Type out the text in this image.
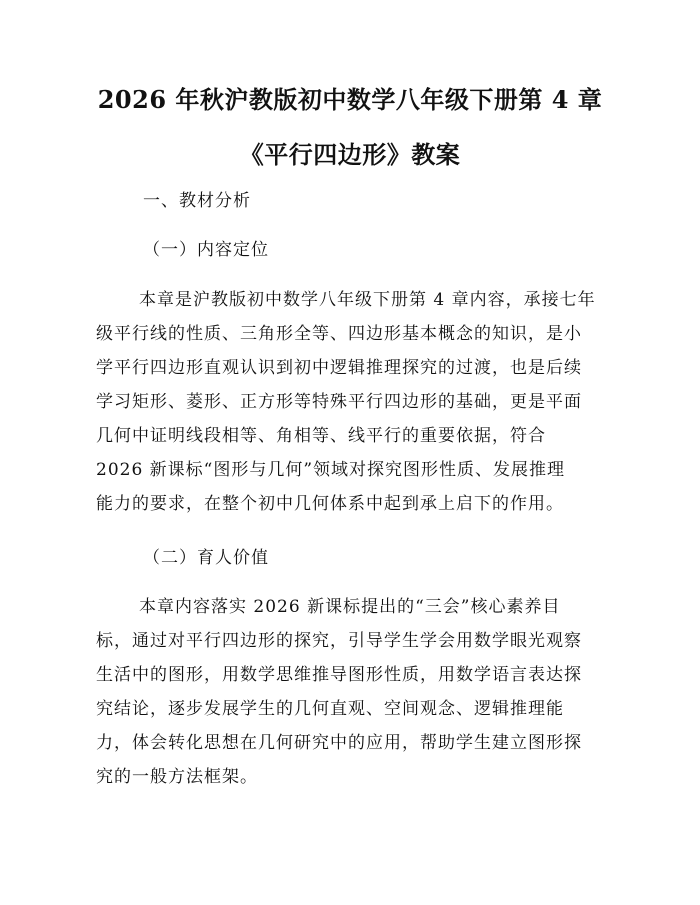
2026 年秋沪教版初中数学八年级下册第 4 章
《平行四边形》教案
一、教材分析
（一）内容定位
本章是沪教版初中数学八年级下册第 4 章内容，承接七年
级平行线的性质、三角形全等、四边形基本概念的知识，是小
学平行四边形直观认识到初中逻辑推理探究的过渡，也是后续
学习矩形、菱形、正方形等特殊平行四边形的基础，更是平面
几何中证明线段相等、角相等、线平行的重要依据，符合
2026 新课标“图形与几何”领域对探究图形性质、发展推理
能力的要求，在整个初中几何体系中起到承上启下的作用。
（二）育人价值
本章内容落实 2026 新课标提出的“三会”核心素养目
标，通过对平行四边形的探究，引导学生学会用数学眼光观察
生活中的图形，用数学思维推导图形性质，用数学语言表达探
究结论，逐步发展学生的几何直观、空间观念、逻辑推理能
力，体会转化思想在几何研究中的应用，帮助学生建立图形探
究的一般方法框架。
